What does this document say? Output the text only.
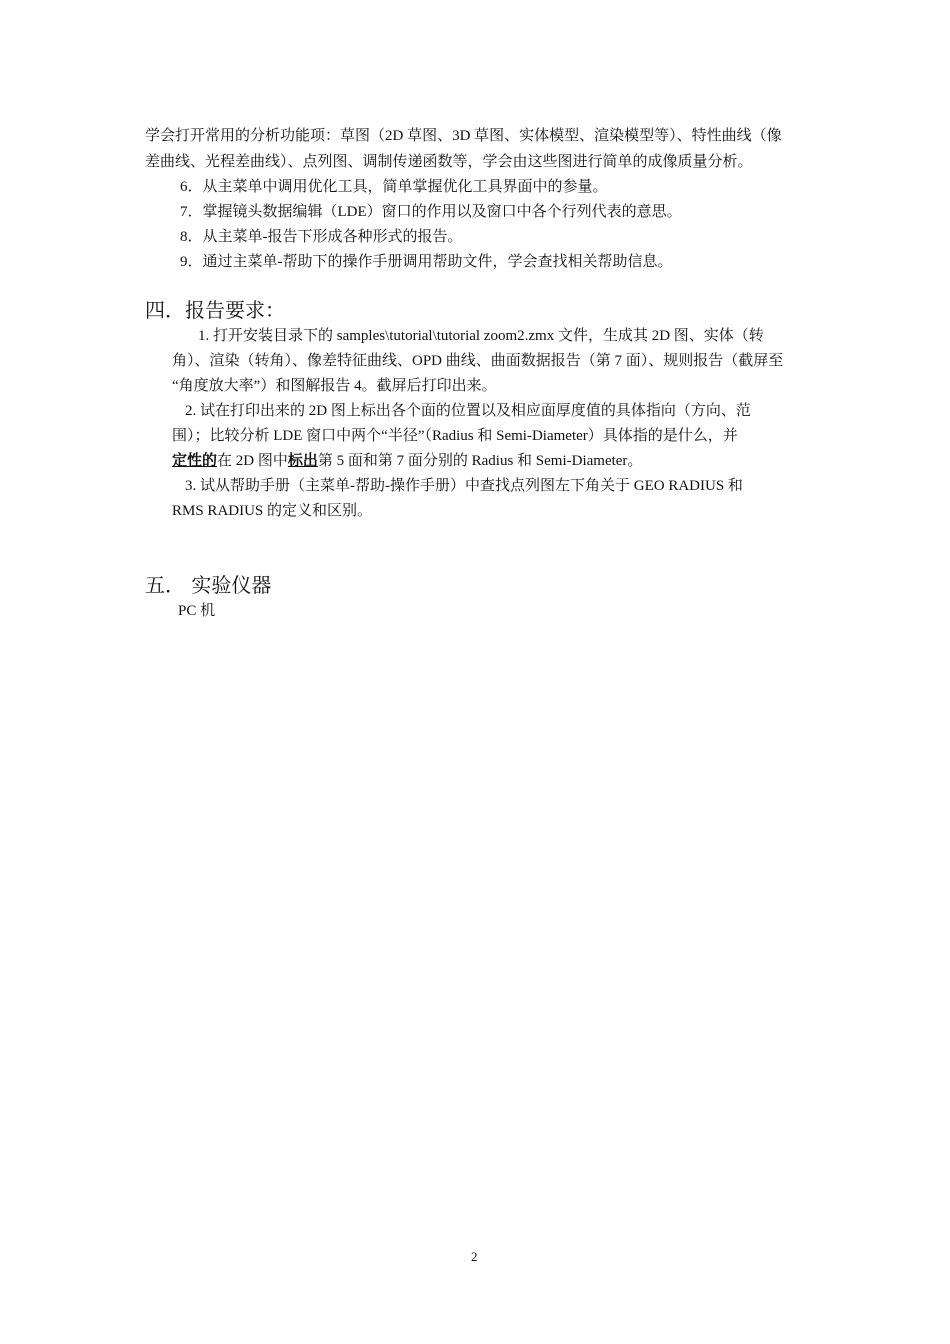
学会打开常用的分析功能项：草图（2D 草图、3D 草图、实体模型、渲染模型等）、特性曲线（像
差曲线、光程差曲线）、点列图、调制传递函数等，学会由这些图进行简单的成像质量分析。
6．从主菜单中调用优化工具，简单掌握优化工具界面中的参量。
7．掌握镜头数据编辑（LDE）窗口的作用以及窗口中各个行列代表的意思。
8．从主菜单-报告下形成各种形式的报告。
9．通过主菜单-帮助下的操作手册调用帮助文件，学会查找相关帮助信息。
四．报告要求：
1. 打开安装目录下的 samples\tutorial\tutorial zoom2.zmx 文件，生成其 2D 图、实体（转
角）、渲染（转角）、像差特征曲线、OPD 曲线、曲面数据报告（第 7 面）、规则报告（截屏至
“角度放大率”）和图解报告 4。截屏后打印出来。
2. 试在打印出来的 2D 图上标出各个面的位置以及相应面厚度值的具体指向（方向、范
围）；比较分析 LDE 窗口中两个“半径”（Radius 和 Semi-Diameter）具体指的是什么，并
定性的在 2D 图中标出第 5 面和第 7 面分别的 Radius 和 Semi-Diameter。
3. 试从帮助手册（主菜单-帮助-操作手册）中查找点列图左下角关于 GEO RADIUS 和
RMS RADIUS 的定义和区别。
五． 实验仪器
PC 机
2
